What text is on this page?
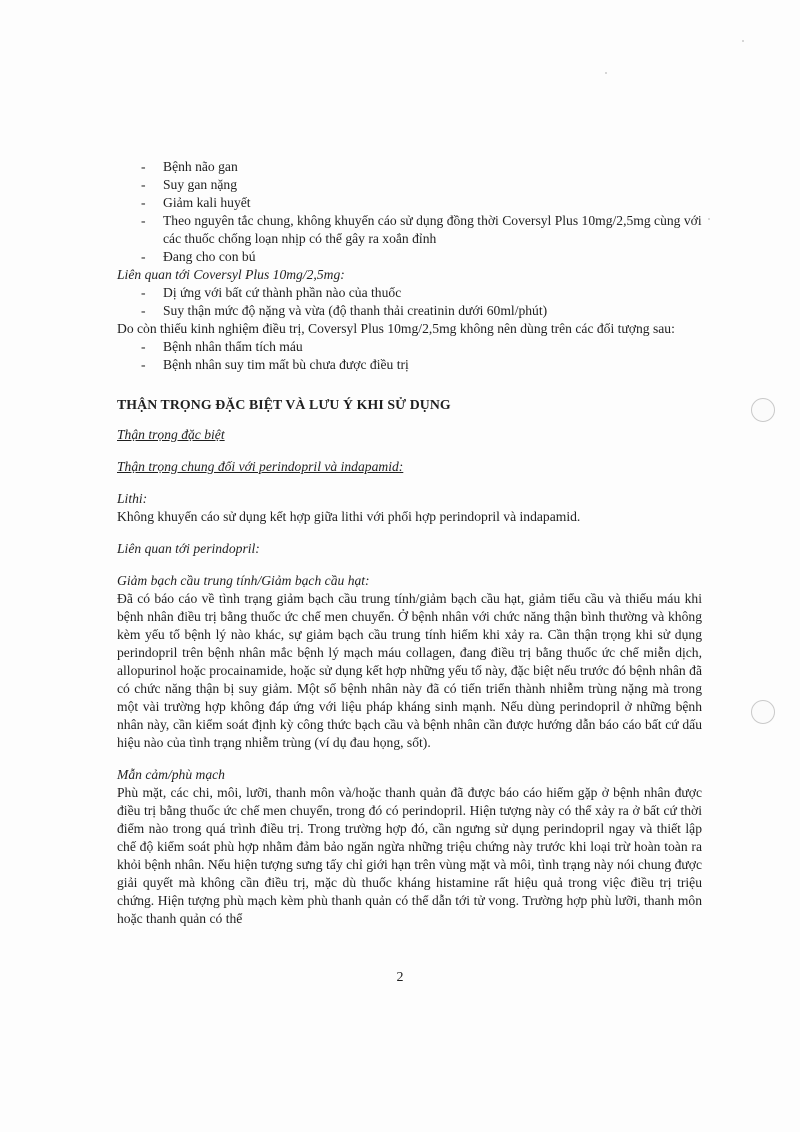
- Bệnh não gan
- Suy gan nặng
- Giảm kali huyết
- Theo nguyên tắc chung, không khuyến cáo sử dụng đồng thời Coversyl Plus 10mg/2,5mg cùng với các thuốc chống loạn nhịp có thể gây ra xoắn đỉnh
- Đang cho con bú
Liên quan tới Coversyl Plus 10mg/2,5mg:
- Dị ứng với bất cứ thành phần nào của thuốc
- Suy thận mức độ nặng và vừa (độ thanh thải creatinin dưới 60ml/phút)

Do còn thiếu kinh nghiệm điều trị, Coversyl Plus 10mg/2,5mg không nên dùng trên các đối tượng sau:

- Bệnh nhân thẩm tích máu
- Bệnh nhân suy tim mất bù chưa được điều trị
THẬN TRỌNG ĐẶC BIỆT VÀ LƯU Ý KHI SỬ DỤNG
Thận trọng đặc biệt
Thận trọng chung đối với perindopril và indapamid:
Lithi:

Không khuyến cáo sử dụng kết hợp giữa lithi với phối hợp perindopril và indapamid.

Liên quan tới perindopril:
Giảm bạch cầu trung tính/Giảm bạch cầu hạt:

Đã có báo cáo về tình trạng giảm bạch cầu trung tính/giảm bạch cầu hạt, giảm tiểu cầu và thiếu máu khi bệnh nhân điều trị bằng thuốc ức chế men chuyển. Ở bệnh nhân với chức năng thận bình thường và không kèm yếu tố bệnh lý nào khác, sự giảm bạch cầu trung tính hiếm khi xảy ra. Cần thận trọng khi sử dụng perindopril trên bệnh nhân mắc bệnh lý mạch máu collagen, đang điều trị bằng thuốc ức chế miễn dịch, allopurinol hoặc procainamide, hoặc sử dụng kết hợp những yếu tố này, đặc biệt nếu trước đó bệnh nhân đã có chức năng thận bị suy giảm. Một số bệnh nhân này đã có tiến triển thành nhiễm trùng nặng mà trong một vài trường hợp không đáp ứng với liệu pháp kháng sinh mạnh. Nếu dùng perindopril ở những bệnh nhân này, cần kiểm soát định kỳ công thức bạch cầu và bệnh nhân cần được hướng dẫn báo cáo bất cứ dấu hiệu nào của tình trạng nhiễm trùng (ví dụ đau họng, sốt).

Mẫn cảm/phù mạch

Phù mặt, các chi, môi, lưỡi, thanh môn và/hoặc thanh quản đã được báo cáo hiếm gặp ở bệnh nhân được điều trị bằng thuốc ức chế men chuyển, trong đó có perindopril. Hiện tượng này có thể xảy ra ở bất cứ thời điểm nào trong quá trình điều trị. Trong trường hợp đó, cần ngưng sử dụng perindopril ngay và thiết lập chế độ kiểm soát phù hợp nhằm đảm bảo ngăn ngừa những triệu chứng này trước khi loại trừ hoàn toàn ra khỏi bệnh nhân. Nếu hiện tượng sưng tấy chỉ giới hạn trên vùng mặt và môi, tình trạng này nói chung được giải quyết mà không cần điều trị, mặc dù thuốc kháng histamine rất hiệu quả trong việc điều trị triệu chứng. Hiện tượng phù mạch kèm phù thanh quản có thể dẫn tới tử vong. Trường hợp phù lưỡi, thanh môn hoặc thanh quản có thể

2
